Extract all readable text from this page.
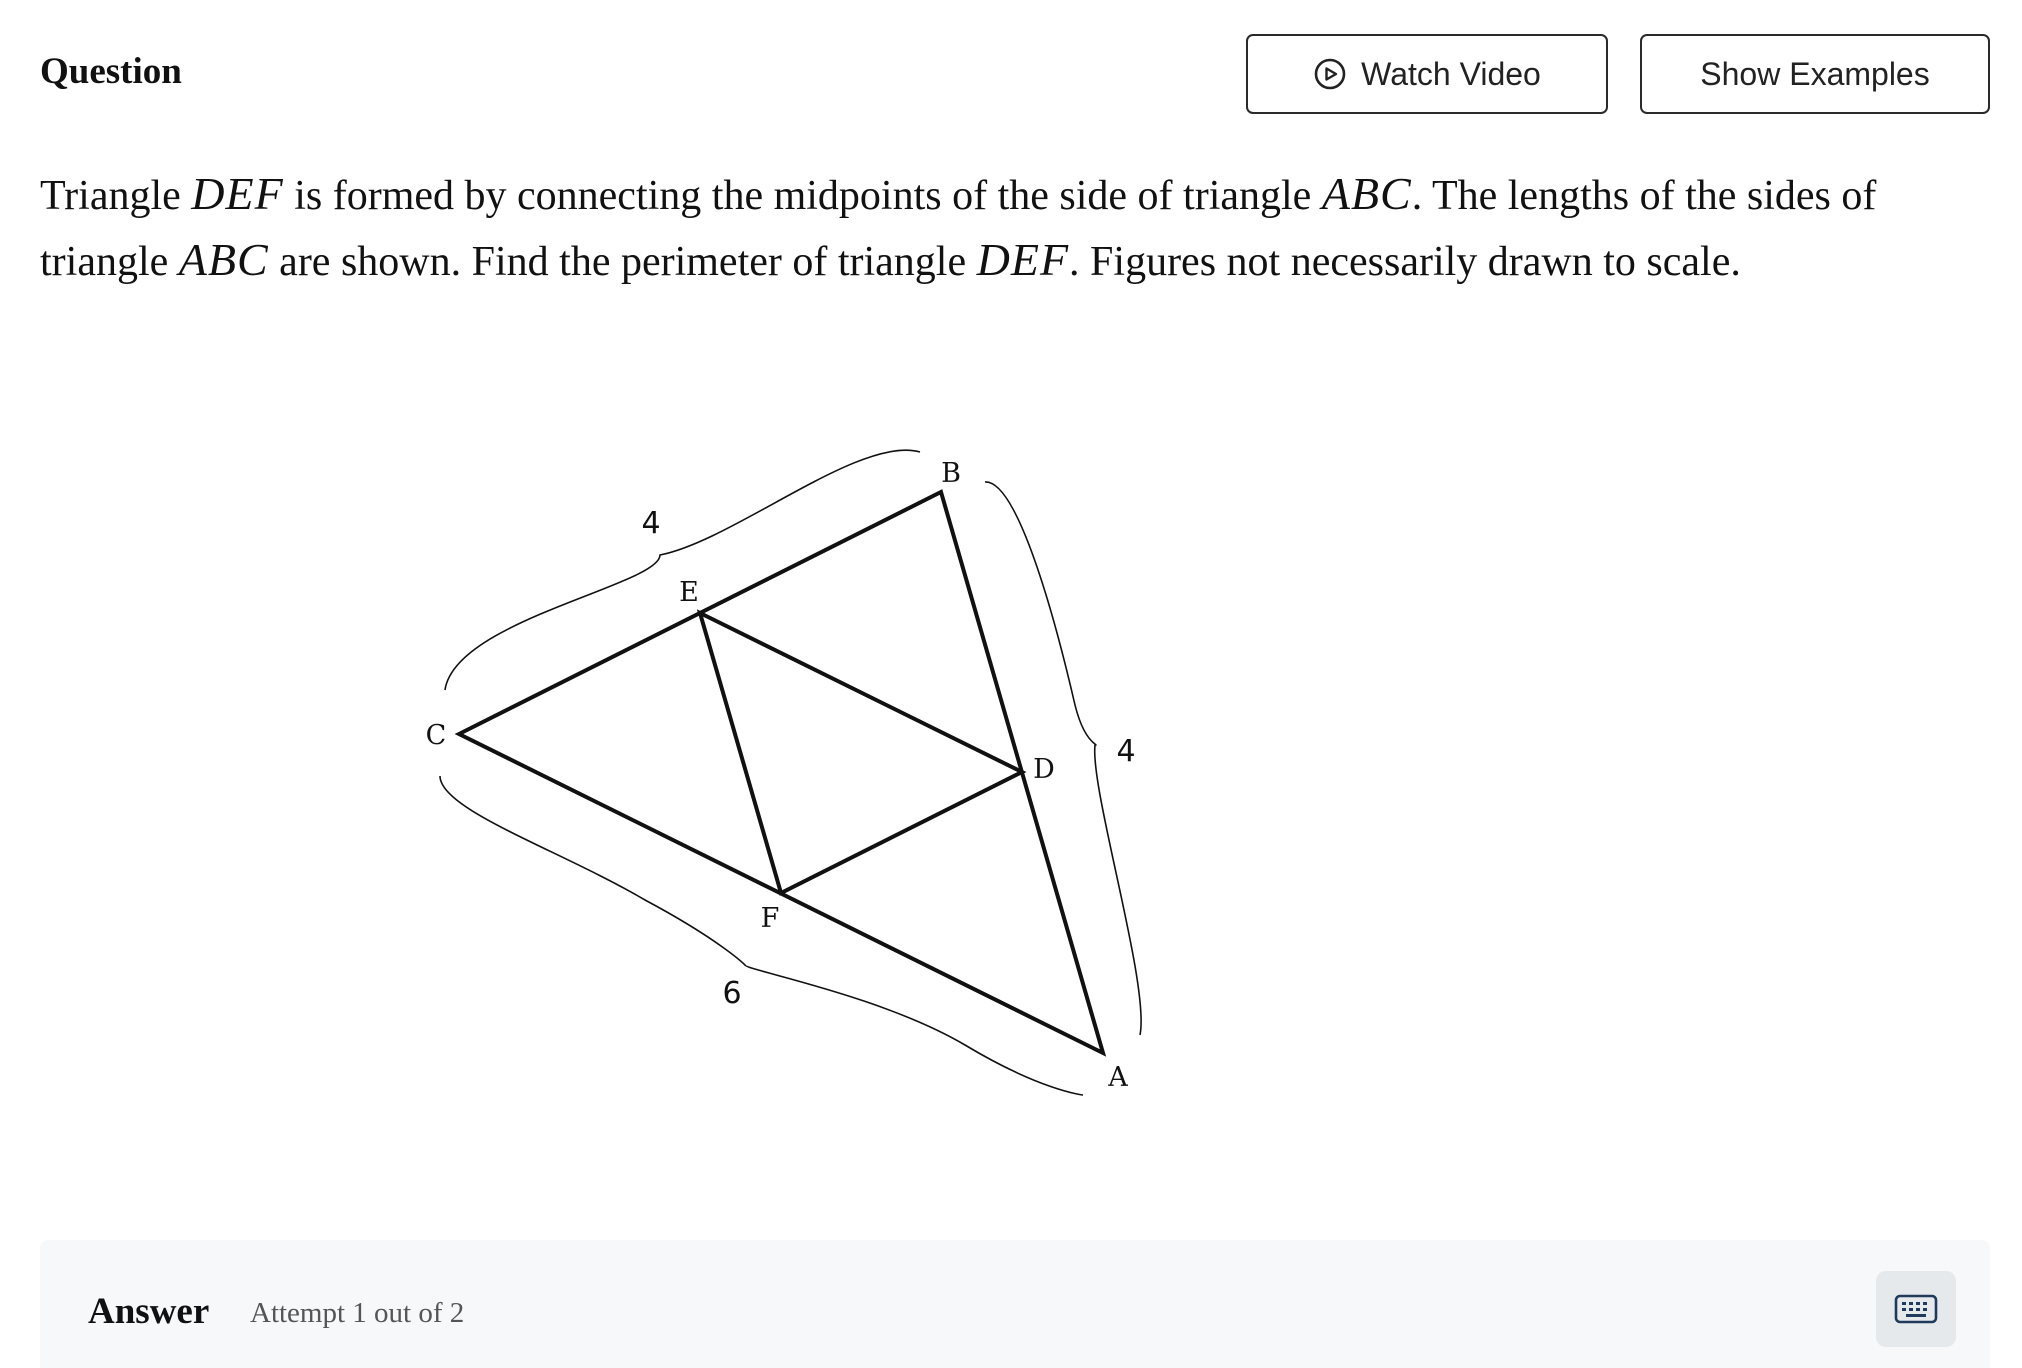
Question	Watch Video	Show Examples
Triangle DEF is formed by connecting the midpoints of the side of triangle ABC. The lengths of the sides of triangle ABC are shown. Find the perimeter of triangle DEF. Figures not necessarily drawn to scale.
C
B
A
D
E
F
4
4
6
Answer Attempt 1 out of 2
